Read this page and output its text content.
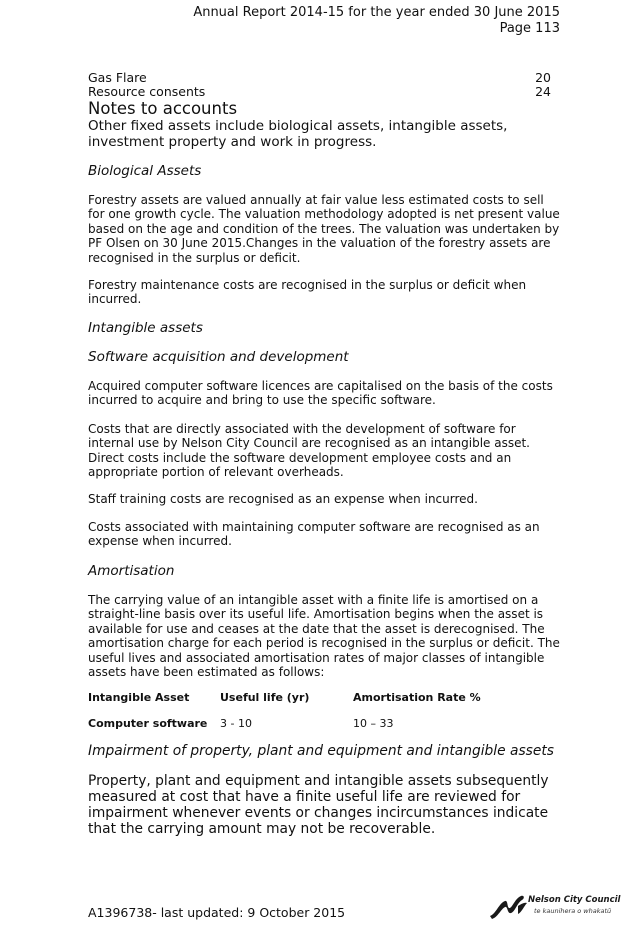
Annual Report 2014-15 for the year ended 30 June 2015
Page 113
Gas Flare	20
Resource consents	24
Notes to accounts
Other fixed assets include biological assets, intangible assets, investment property and work in progress.
Biological Assets
Forestry assets are valued annually at fair value less estimated costs to sell for one growth cycle. The valuation methodology adopted is net present value based on the age and condition of the trees. The valuation was undertaken by PF Olsen on 30 June 2015.Changes in the valuation of the forestry assets are recognised in the surplus or deficit.
Forestry maintenance costs are recognised in the surplus or deficit when incurred.
Intangible assets
Software acquisition and development
Acquired computer software licences are capitalised on the basis of the costs incurred to acquire and bring to use the specific software.
Costs that are directly associated with the development of software for internal use by Nelson City Council are recognised as an intangible asset. Direct costs include the software development employee costs and an appropriate portion of relevant overheads.
Staff training costs are recognised as an expense when incurred.
Costs associated with maintaining computer software are recognised as an expense when incurred.
Amortisation
The carrying value of an intangible asset with a finite life is amortised on a straight-line basis over its useful life. Amortisation begins when the asset is available for use and ceases at the date that the asset is derecognised. The amortisation charge for each period is recognised in the surplus or deficit. The useful lives and associated amortisation rates of major classes of intangible assets have been estimated as follows:
Intangible Asset	Useful life (yr)	Amortisation Rate %
Computer software 3 - 10	10 – 33
Impairment of property, plant and equipment and intangible assets
Property, plant and equipment and intangible assets subsequently measured at cost that have a finite useful life are reviewed for impairment whenever events or changes incircumstances indicate that the carrying amount may not be recoverable.
A1396738- last updated: 9 October 2015
Nelson City Council
te kaunihera o whakatū
